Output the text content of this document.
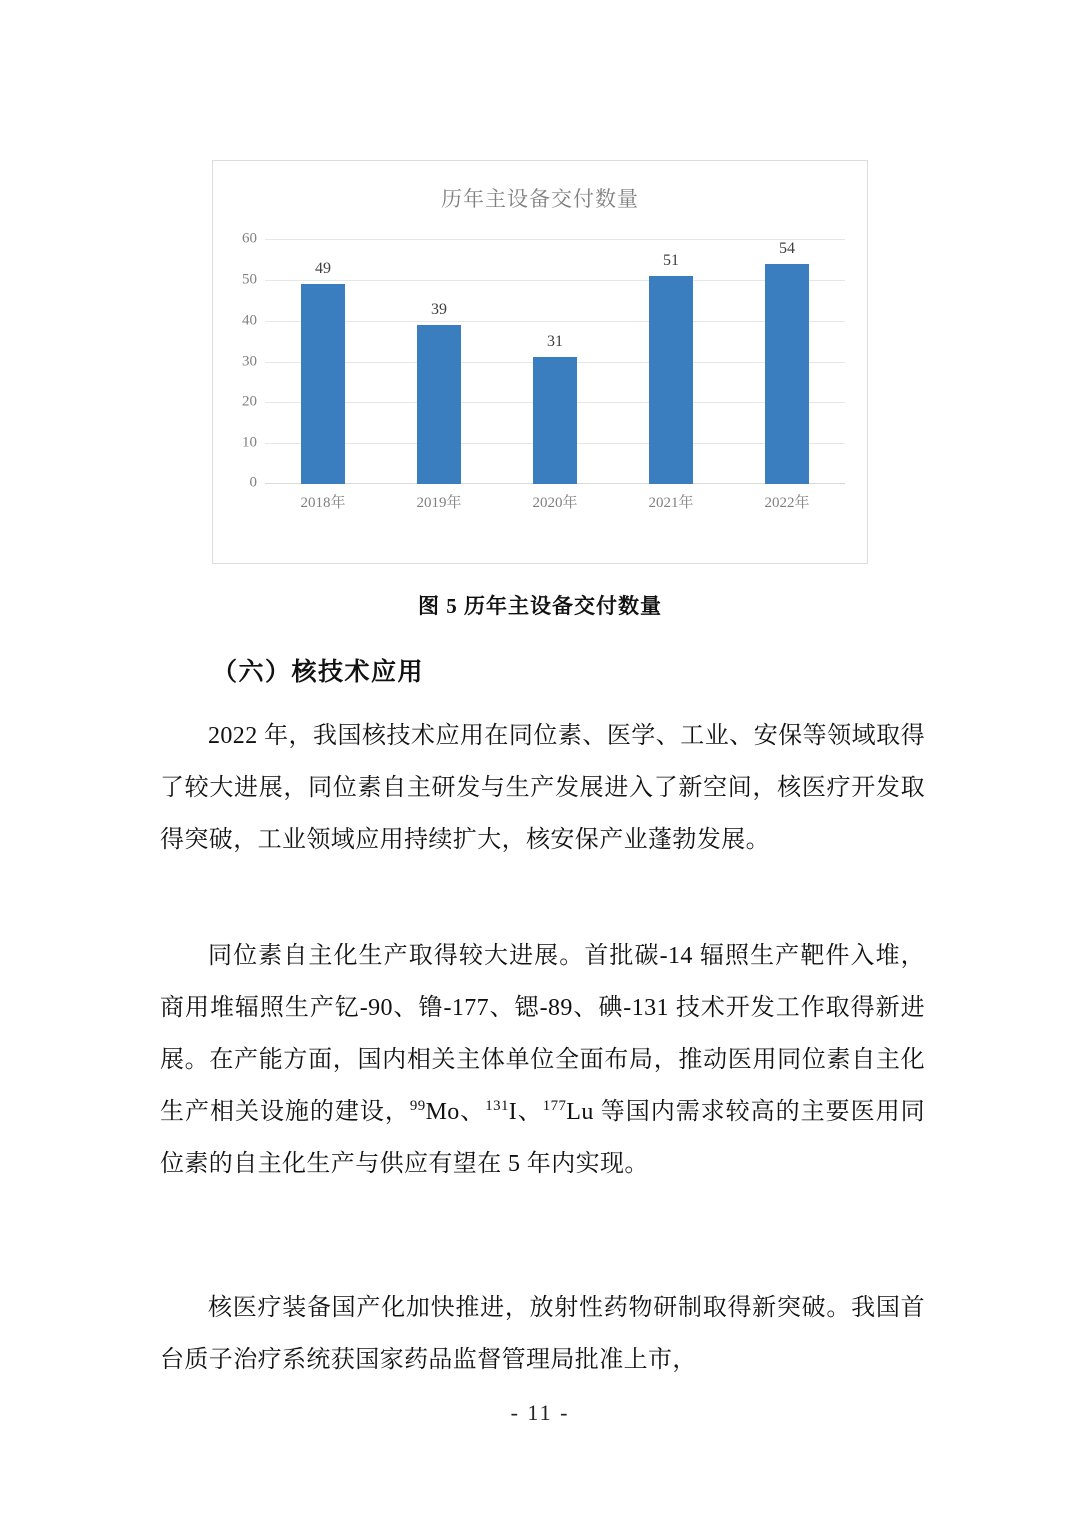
历年主设备交付数量
60
50
40
30
20
10
0
49
39
31
51
54
2018年	2019年	2020年	2021年	2022年
图 5 历年主设备交付数量
（六）核技术应用

2022 年，我国核技术应用在同位素、医学、工业、安保等领域取得了较大进展，同位素自主研发与生产发展进入了新空间，核医疗开发取得突破，工业领域应用持续扩大，核安保产业蓬勃发展。

同位素自主化生产取得较大进展。首批碳-14 辐照生产靶件入堆，商用堆辐照生产钇-90、镥-177、锶-89、碘-131 技术开发工作取得新进展。在产能方面，国内相关主体单位全面布局，推动医用同位素自主化生产相关设施的建设，$^{99}$Mo、$^{131}$I、$^{177}$Lu 等国内需求较高的主要医用同位素的自主化生产与供应有望在 5 年内实现。

核医疗装备国产化加快推进，放射性药物研制取得新突破。我国首台质子治疗系统获国家药品监督管理局批准上市，

- 11 -
